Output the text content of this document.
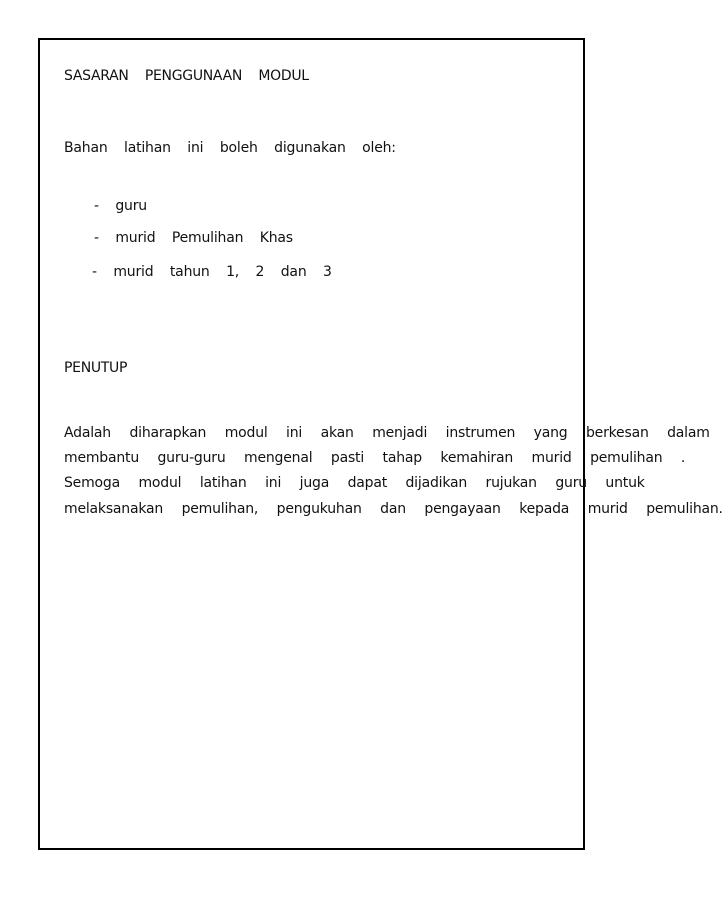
SASARAN  PENGGUNAAN  MODUL
Bahan  latihan  ini  boleh  digunakan  oleh:
-  guru
-  murid  Pemulihan  Khas
-  murid  tahun  1,  2  dan  3
PENUTUP
Adalah  diharapkan  modul  ini  akan  menjadi  instrumen  yang  berkesan  dalam
membantu  guru-guru  mengenal  pasti  tahap  kemahiran  murid  pemulihan  .
Semoga  modul  latihan  ini  juga  dapat  dijadikan  rujukan  guru  untuk
melaksanakan  pemulihan,  pengukuhan  dan  pengayaan  kepada  murid  pemulihan.
